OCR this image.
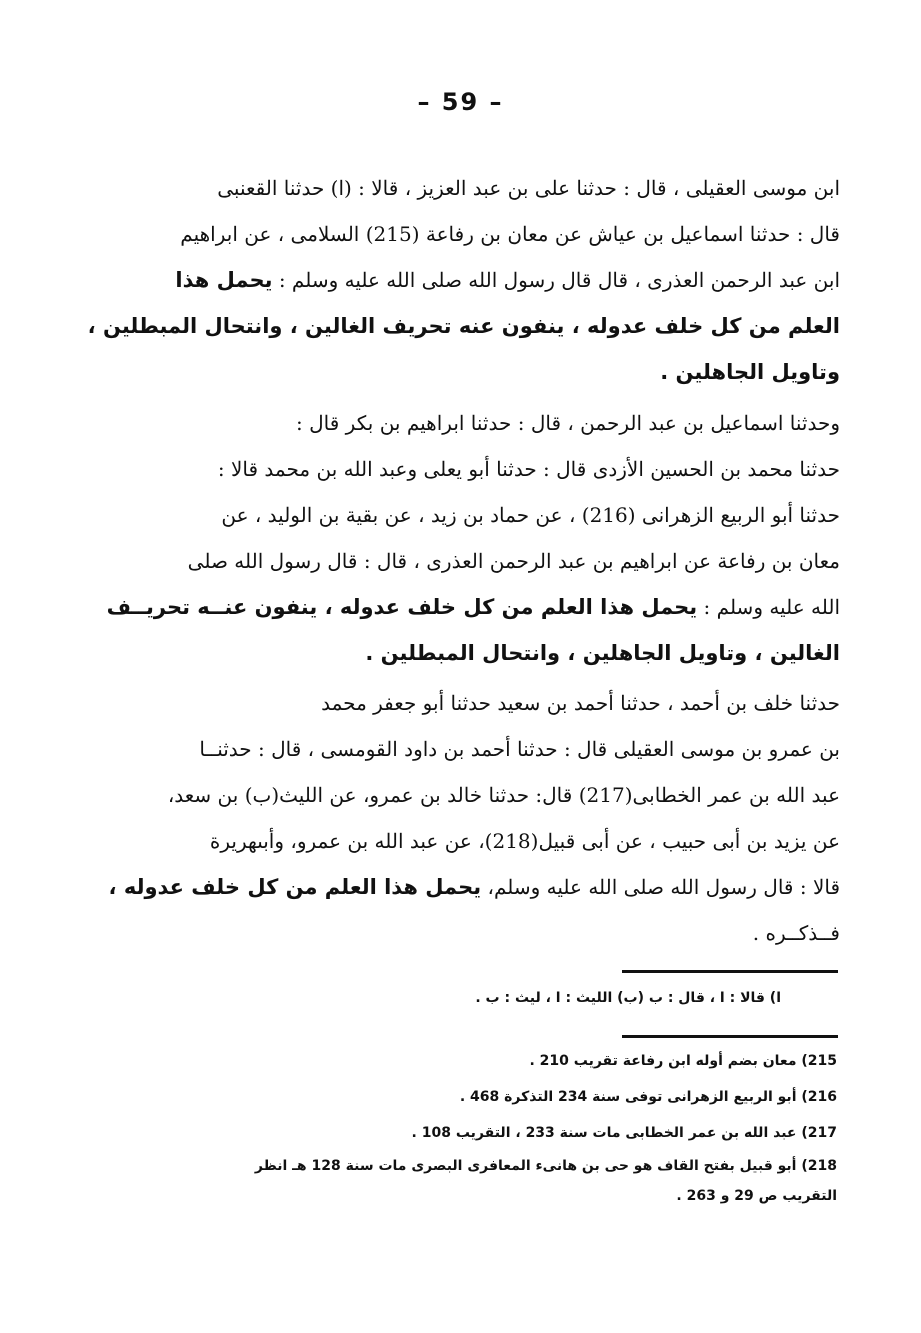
– 59 –
ابن موسى العقيلى ، قال : حدثنا على بن عبد العزيز ، قالا : (ا) حدثنا القعنبى
قال : حدثنا اسماعيل بن عياش عن معان بن رفاعة (215) السلامى ، عن ابراهيم
ابن عبد الرحمن العذرى ، قال قال رسول الله صلى الله عليه وسلم : يحمل هذا
العلم من كل خلف عدوله ، ينفون عنه تحريف الغالين ، وانتحال المبطلين ،
وتاويل الجاهلين .
وحدثنا اسماعيل بن عبد الرحمن ، قال : حدثنا ابراهيم بن بكر قال :
حدثنا محمد بن الحسين الأزدى قال : حدثنا أبو يعلى وعبد الله بن محمد قالا :
حدثنا أبو الربيع الزهرانى (216) ، عن حماد بن زيد ، عن بقية بن الوليد ، عن
معان بن رفاعة عن ابراهيم بن عبد الرحمن العذرى ، قال : قال رسول الله صلى
الله عليه وسلم : يحمل هذا العلم من كل خلف عدوله ، ينفون عنــه تحريــف
الغالين ، وتاويل الجاهلين ، وانتحال المبطلين .
حدثنا خلف بن أحمد ، حدثنا أحمد بن سعيد حدثنا أبو جعفر محمد
بن عمرو بن موسى العقيلى قال : حدثنا أحمد بن داود القومسى ، قال : حدثنــا
عبد الله بن عمر الخطابى(217) قال: حدثنا خالد بن عمرو، عن الليث(ب) بن سعد،
عن يزيد بن أبى حبيب ، عن أبى قبيل(218)، عن عبد الله بن عمرو، وأبىهريرة
قالا : قال رسول الله صلى الله عليه وسلم، يحمل هذا العلم من كل خلف عدوله ،
فــذكــره .
ا) قالا : ا ، قال : ب (ب) الليث : ا ، ليث : ب .
215) معان بضم أوله ابن رفاعة تقريب 210 .
216) أبو الربيع الزهرانى توفى سنة 234 التذكرة 468 .
217) عبد الله بن عمر الخطابى مات سنة 233 ، التقريب 108 .
218) أبو قبيل بفتح القاف هو حى بن هانىء المعافرى البصرى مات سنة 128 هـ انظر
التقريب ص 29 و 263 .
